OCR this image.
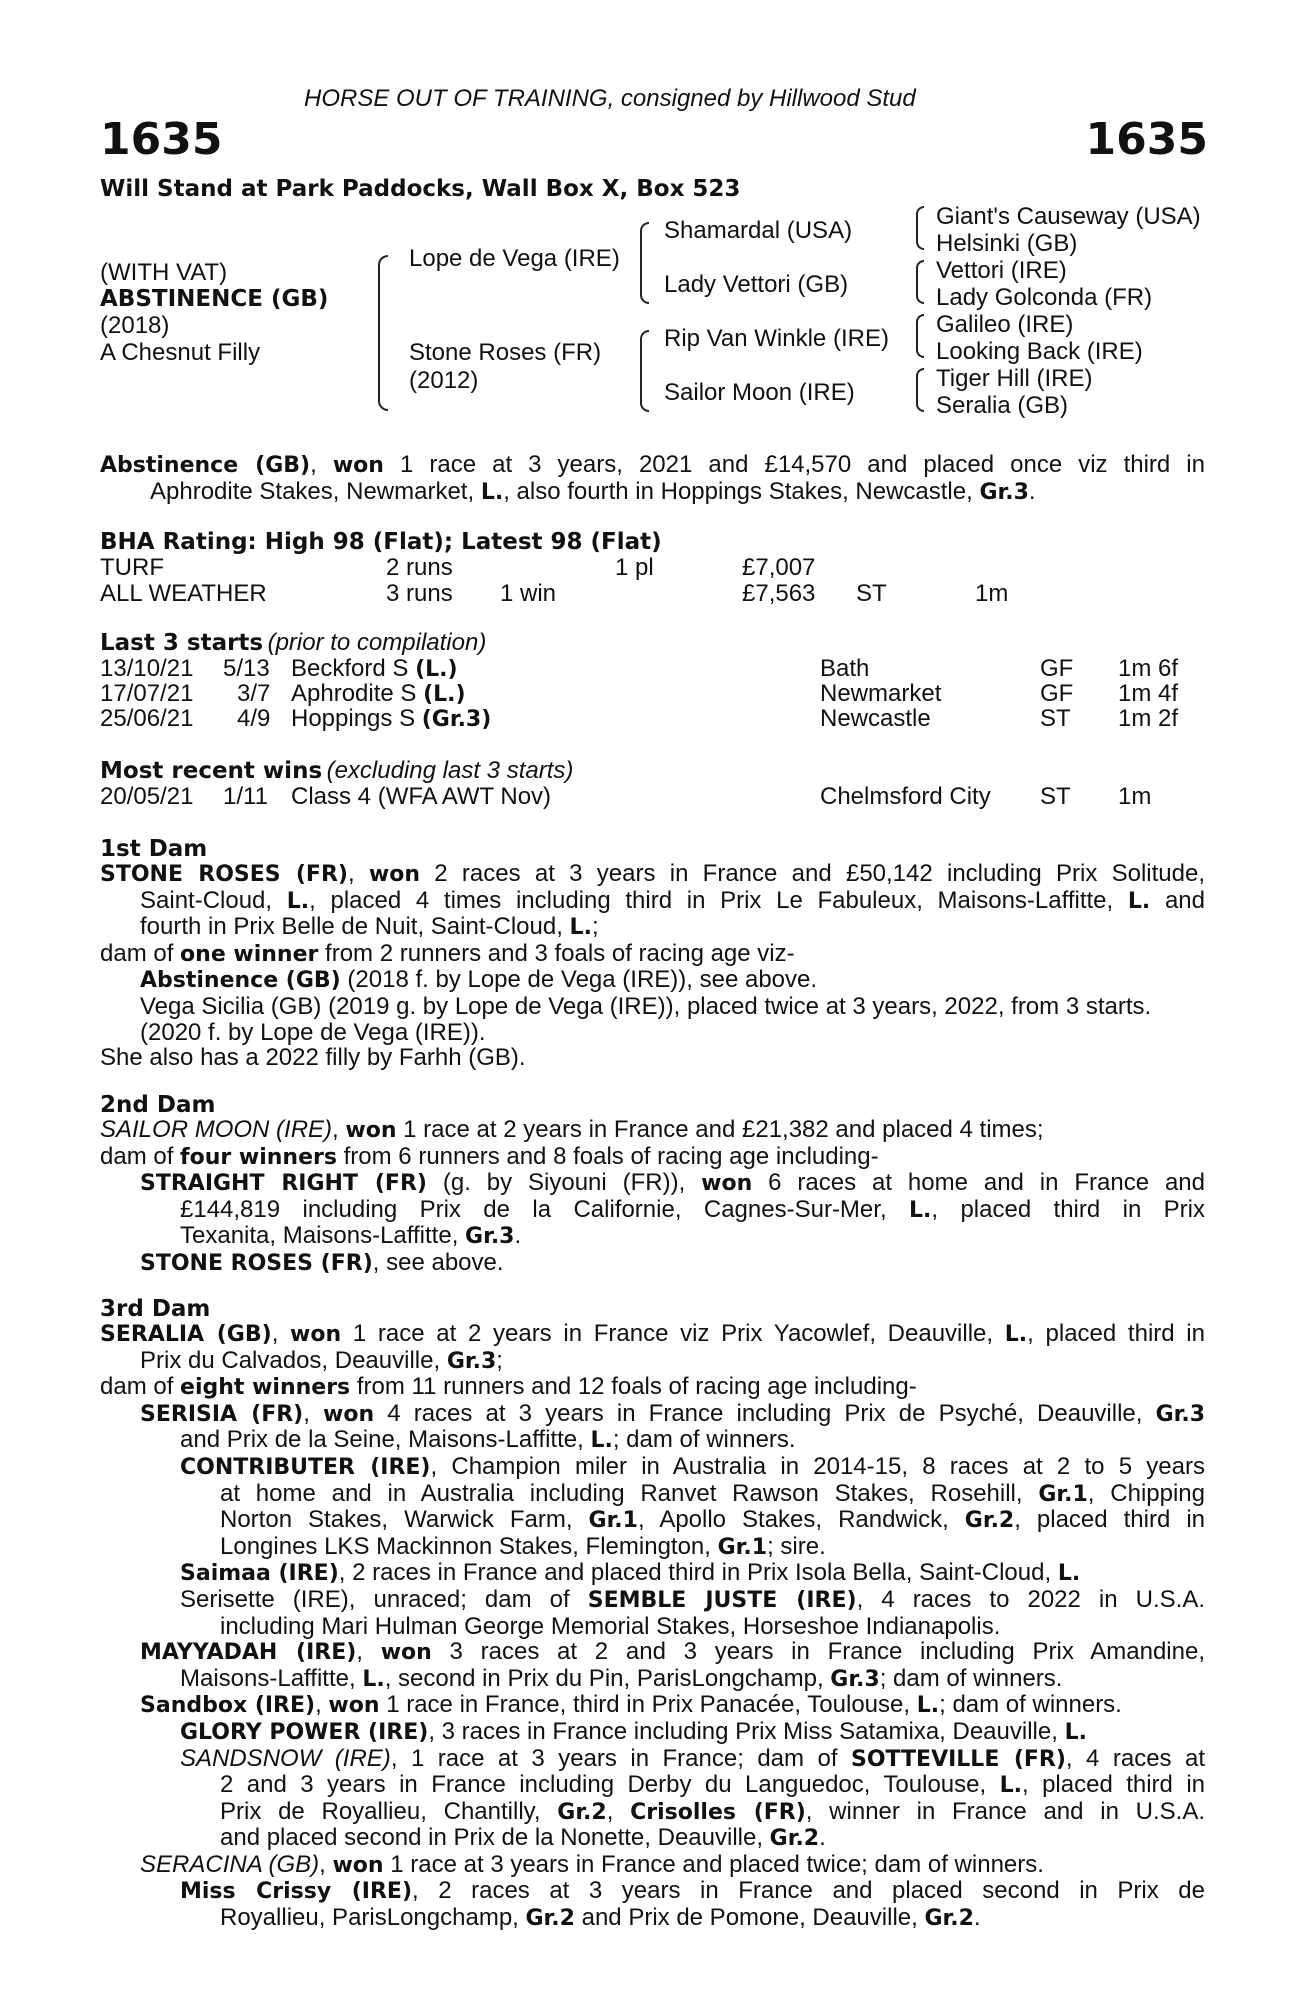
HORSE OUT OF TRAINING, consigned by Hillwood Stud
1635	1635
Will Stand at Park Paddocks, Wall Box X, Box 523
(WITH VAT)
ABSTINENCE (GB)
(2018)
A Chesnut Filly
Lope de Vega (IRE)
Stone Roses (FR)
(2012)
Shamardal (USA)
Lady Vettori (GB)
Rip Van Winkle (IRE)
Sailor Moon (IRE)
Giant's Causeway (USA)
Helsinki (GB)
Vettori (IRE)
Lady Golconda (FR)
Galileo (IRE)
Looking Back (IRE)
Tiger Hill (IRE)
Seralia (GB)
Abstinence (GB), won 1 race at 3 years, 2021 and £14,570 and placed once viz third in
Aphrodite Stakes, Newmarket, L., also fourth in Hoppings Stakes, Newcastle, Gr.3.
BHA Rating: High 98 (Flat); Latest 98 (Flat)
TURF	2 runs	1 pl	£7,007
ALL WEATHER	3 runs 1 win	£7,563 ST	1m
Last 3 starts (prior to compilation)
13/10/21 5/13 Beckford S (L.)	Bath	GF 1m 6f
17/07/21 3/7 Aphrodite S (L.)	Newmarket	GF 1m 4f
25/06/21 4/9 Hoppings S (Gr.3)	Newcastle	ST 1m 2f
Most recent wins (excluding last 3 starts)
20/05/21 1/11 Class 4 (WFA AWT Nov)	Chelmsford City ST 1m
1st Dam
STONE ROSES (FR), won 2 races at 3 years in France and £50,142 including Prix Solitude,
Saint-Cloud, L., placed 4 times including third in Prix Le Fabuleux, Maisons-Laffitte, L. and
fourth in Prix Belle de Nuit, Saint-Cloud, L.;
dam of one winner from 2 runners and 3 foals of racing age viz-
Abstinence (GB) (2018 f. by Lope de Vega (IRE)), see above.
Vega Sicilia (GB) (2019 g. by Lope de Vega (IRE)), placed twice at 3 years, 2022, from 3 starts.
(2020 f. by Lope de Vega (IRE)).
She also has a 2022 filly by Farhh (GB).
2nd Dam
SAILOR MOON (IRE), won 1 race at 2 years in France and £21,382 and placed 4 times;
dam of four winners from 6 runners and 8 foals of racing age including-
STRAIGHT RIGHT (FR) (g. by Siyouni (FR)), won 6 races at home and in France and
£144,819 including Prix de la Californie, Cagnes-Sur-Mer, L., placed third in Prix
Texanita, Maisons-Laffitte, Gr.3.
STONE ROSES (FR), see above.
3rd Dam
SERALIA (GB), won 1 race at 2 years in France viz Prix Yacowlef, Deauville, L., placed third in
Prix du Calvados, Deauville, Gr.3;
dam of eight winners from 11 runners and 12 foals of racing age including-
SERISIA (FR), won 4 races at 3 years in France including Prix de Psyché, Deauville, Gr.3
and Prix de la Seine, Maisons-Laffitte, L.; dam of winners.
CONTRIBUTER (IRE), Champion miler in Australia in 2014-15, 8 races at 2 to 5 years
at home and in Australia including Ranvet Rawson Stakes, Rosehill, Gr.1, Chipping
Norton Stakes, Warwick Farm, Gr.1, Apollo Stakes, Randwick, Gr.2, placed third in
Longines LKS Mackinnon Stakes, Flemington, Gr.1; sire.
Saimaa (IRE), 2 races in France and placed third in Prix Isola Bella, Saint-Cloud, L.
Serisette (IRE), unraced; dam of SEMBLE JUSTE (IRE), 4 races to 2022 in U.S.A.
including Mari Hulman George Memorial Stakes, Horseshoe Indianapolis.
MAYYADAH (IRE), won 3 races at 2 and 3 years in France including Prix Amandine,
Maisons-Laffitte, L., second in Prix du Pin, ParisLongchamp, Gr.3; dam of winners.
Sandbox (IRE), won 1 race in France, third in Prix Panacée, Toulouse, L.; dam of winners.
GLORY POWER (IRE), 3 races in France including Prix Miss Satamixa, Deauville, L.
SANDSNOW (IRE), 1 race at 3 years in France; dam of SOTTEVILLE (FR), 4 races at
2 and 3 years in France including Derby du Languedoc, Toulouse, L., placed third in
Prix de Royallieu, Chantilly, Gr.2, Crisolles (FR), winner in France and in U.S.A.
and placed second in Prix de la Nonette, Deauville, Gr.2.
SERACINA (GB), won 1 race at 3 years in France and placed twice; dam of winners.
Miss Crissy (IRE), 2 races at 3 years in France and placed second in Prix de
Royallieu, ParisLongchamp, Gr.2 and Prix de Pomone, Deauville, Gr.2.
